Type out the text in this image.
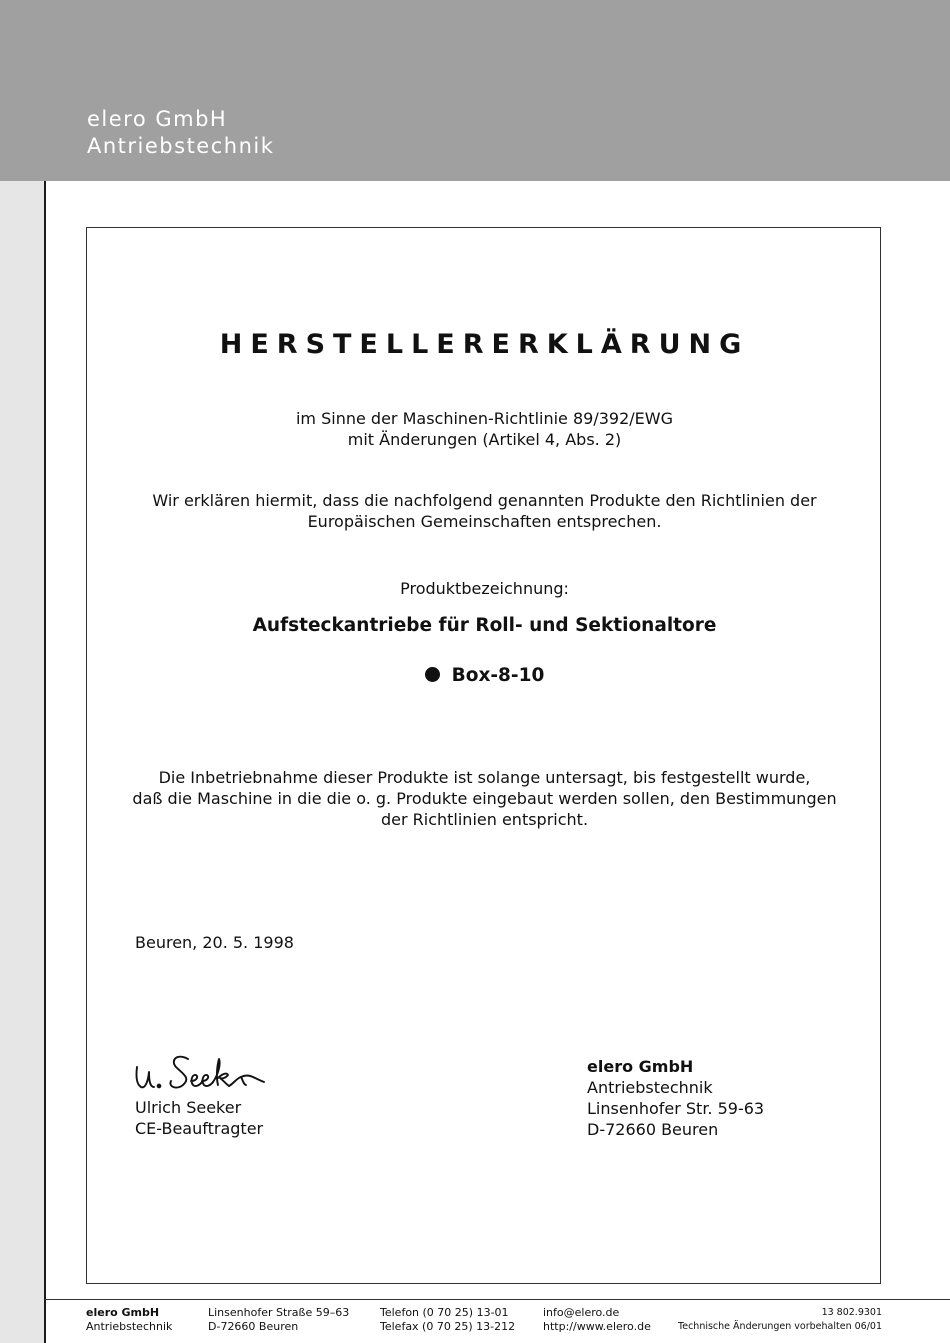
elero GmbH
Antriebstechnik
HERSTELLERERKLÄRUNG
im Sinne der Maschinen-Richtlinie 89/392/EWG
mit Änderungen (Artikel 4, Abs. 2)
Wir erklären hiermit, dass die nachfolgend genannten Produkte den Richtlinien der
Europäischen Gemeinschaften entsprechen.
Produktbezeichnung:
Aufsteckantriebe für Roll- und Sektionaltore
Box-8-10
Die Inbetriebnahme dieser Produkte ist solange untersagt, bis festgestellt wurde,
daß die Maschine in die die o. g. Produkte eingebaut werden sollen, den Bestimmungen
der Richtlinien entspricht.
Beuren, 20. 5. 1998
Ulrich Seeker
CE-Beauftragter
elero GmbH
Antriebstechnik
Linsenhofer Str. 59-63
D-72660 Beuren
elero GmbH
Antriebstechnik
Linsenhofer Straße 59–63
D-72660 Beuren
Telefon (0 70 25) 13-01
Telefax (0 70 25) 13-212
info@elero.de
http://www.elero.de
13 802.9301
Technische Änderungen vorbehalten 06/01
